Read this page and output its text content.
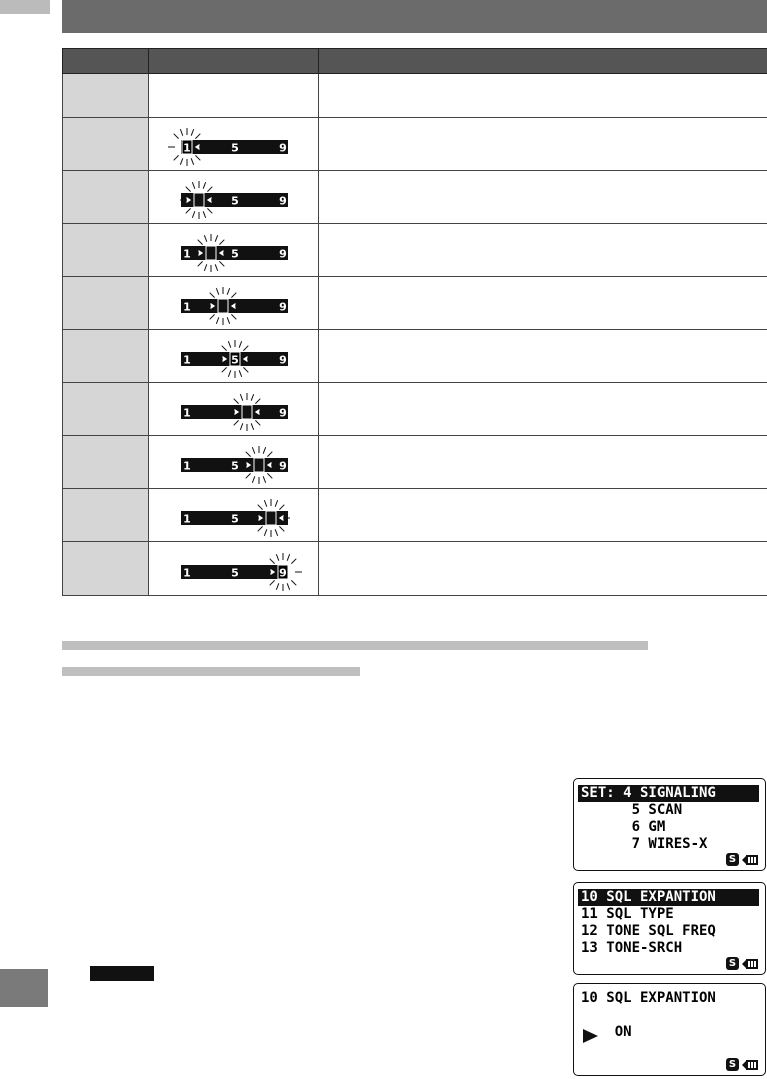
1 5 9	

5 9	

1 5 9	

1 9	

1 5 9	

1 9	

1 5 9	

1 5	

1 5 9	

SET: 4 SIGNALING
5 SCAN
6 GM
7 WIRES-X
S
10 SQL EXPANTION
11 SQL TYPE
12 TONE SQL FREQ
13 TONE-SRCH
S
10 SQL EXPANTION
ON
S
